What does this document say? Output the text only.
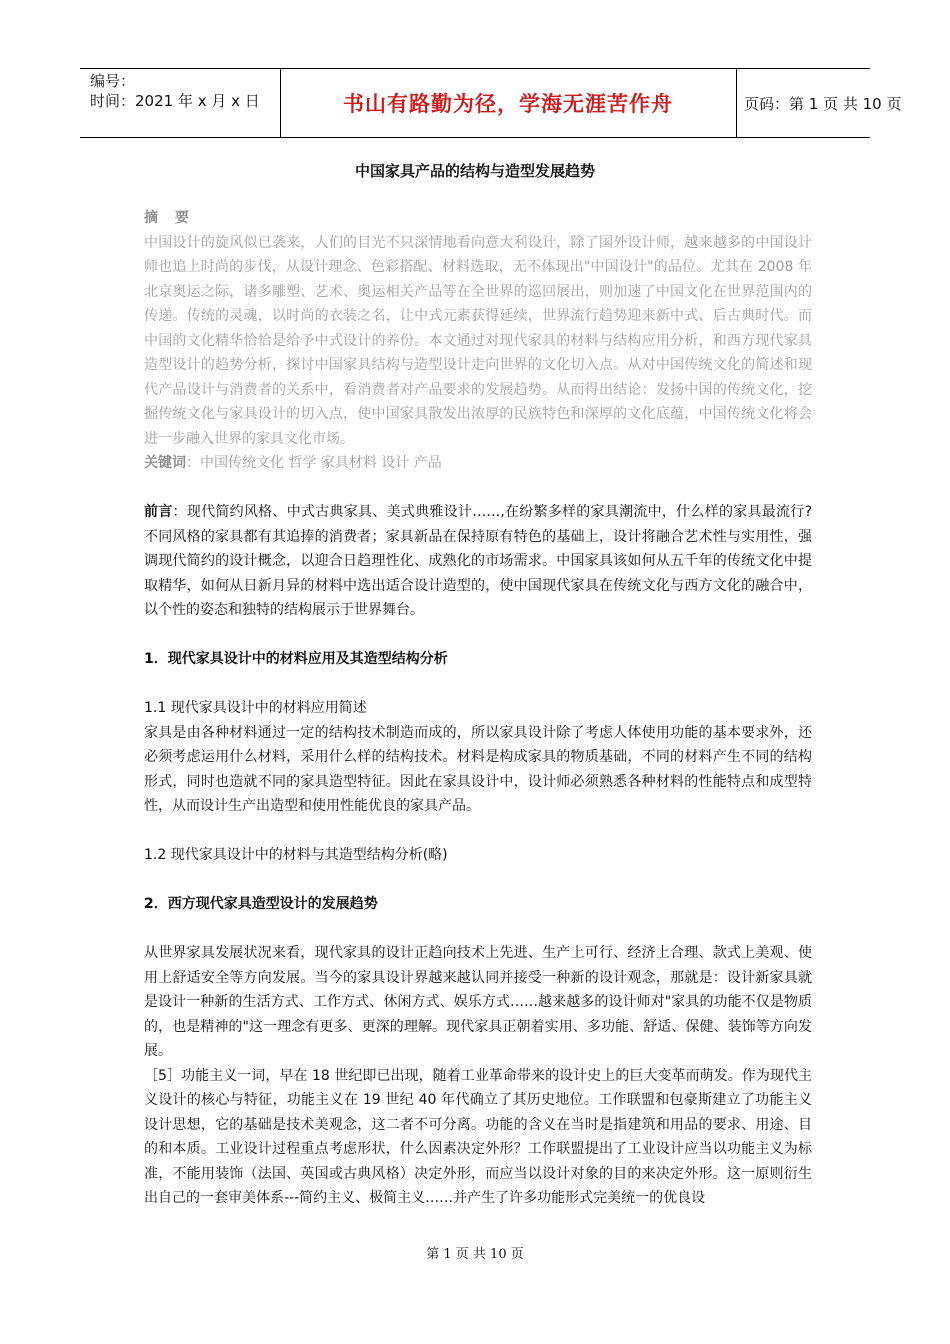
编号：
时间：2021 年 x 月 x 日	书山有路勤为径，学海无涯苦作舟	页码：第 1 页 共 10 页
中国家具产品的结构与造型发展趋势
摘 要

中国设计的旋风似已袭来，人们的目光不只深情地看向意大利设计，除了国外设计师，越来越多的中国设计师也追上时尚的步伐，从设计理念、色彩搭配、材料选取，无不体现出"中国设计"的品位。尤其在 2008 年北京奥运之际，诸多雕塑、艺术、奥运相关产品等在全世界的巡回展出，则加速了中国文化在世界范围内的传递。传统的灵魂，以时尚的衣装之名，让中式元素获得延续，世界流行趋势迎来新中式、后古典时代。而中国的文化精华恰恰是给予中式设计的养份。本文通过对现代家具的材料与结构应用分析，和西方现代家具造型设计的趋势分析，探讨中国家具结构与造型设计走向世界的文化切入点。从对中国传统文化的简述和现代产品设计与消费者的关系中，看消费者对产品要求的发展趋势。从而得出结论：发扬中国的传统文化，挖掘传统文化与家具设计的切入点，使中国家具散发出浓厚的民族特色和深厚的文化底蕴，中国传统文化将会进一步融入世界的家具文化市场。

关键词：中国传统文化 哲学 家具材料 设计 产品

前言：现代简约风格、中式古典家具、美式典雅设计……,在纷繁多样的家具潮流中，什么样的家具最流行?不同风格的家具都有其追捧的消费者；家具新品在保持原有特色的基础上，设计将融合艺术性与实用性，强调现代简约的设计概念，以迎合日趋理性化、成熟化的市场需求。中国家具该如何从五千年的传统文化中提取精华，如何从日新月异的材料中选出适合设计造型的，使中国现代家具在传统文化与西方文化的融合中，以个性的姿态和独特的结构展示于世界舞台。

1．现代家具设计中的材料应用及其造型结构分析

1.1 现代家具设计中的材料应用简述

家具是由各种材料通过一定的结构技术制造而成的，所以家具设计除了考虑人体使用功能的基本要求外，还必须考虑运用什么材料，采用什么样的结构技术。材料是构成家具的物质基础，不同的材料产生不同的结构形式，同时也造就不同的家具造型特征。因此在家具设计中，设计师必须熟悉各种材料的性能特点和成型特性，从而设计生产出造型和使用性能优良的家具产品。

1.2 现代家具设计中的材料与其造型结构分析(略)

2．西方现代家具造型设计的发展趋势

从世界家具发展状况来看，现代家具的设计正趋向技术上先进、生产上可行、经济上合理、款式上美观、使用上舒适安全等方向发展。当今的家具设计界越来越认同并接受一种新的设计观念，那就是：设计新家具就是设计一种新的生活方式、工作方式、休闲方式、娱乐方式……越来越多的设计师对"家具的功能不仅是物质的，也是精神的"这一理念有更多、更深的理解。现代家具正朝着实用、多功能、舒适、保健、装饰等方向发展。

［5］功能主义一词，早在 18 世纪即已出现，随着工业革命带来的设计史上的巨大变革而萌发。作为现代主义设计的核心与特征，功能主义在 19 世纪 40 年代确立了其历史地位。工作联盟和包豪斯建立了功能主义设计思想，它的基础是技术美观念，这二者不可分离。功能的含义在当时是指建筑和用品的要求、用途、目的和本质。工业设计过程重点考虑形状，什么因素决定外形？工作联盟提出了工业设计应当以功能主义为标准，不能用装饰（法国、英国或古典风格）决定外形，而应当以设计对象的目的来决定外形。这一原则衍生出自己的一套审美体系---简约主义、极简主义……并产生了许多功能形式完美统一的优良设

第 1 页 共 10 页
